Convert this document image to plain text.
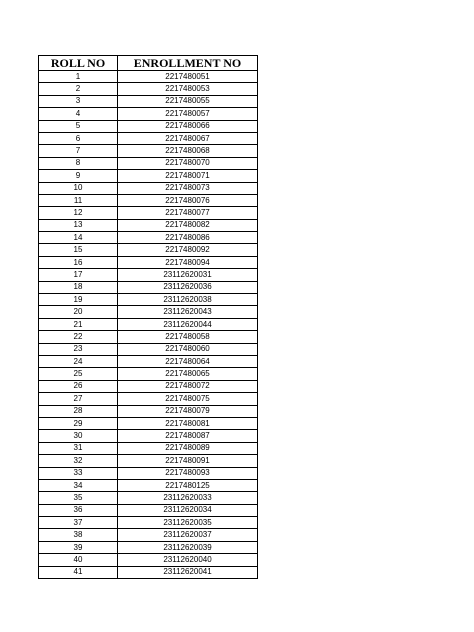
ROLL NO	ENROLLMENT NO
1	2217480051
2	2217480053
3	2217480055
4	2217480057
5	2217480066
6	2217480067
7	2217480068
8	2217480070
9	2217480071
10	2217480073
11	2217480076
12	2217480077
13	2217480082
14	2217480086
15	2217480092
16	2217480094
17	23112620031
18	23112620036
19	23112620038
20	23112620043
21	23112620044
22	2217480058
23	2217480060
24	2217480064
25	2217480065
26	2217480072
27	2217480075
28	2217480079
29	2217480081
30	2217480087
31	2217480089
32	2217480091
33	2217480093
34	2217480125
35	23112620033
36	23112620034
37	23112620035
38	23112620037
39	23112620039
40	23112620040
41	23112620041
